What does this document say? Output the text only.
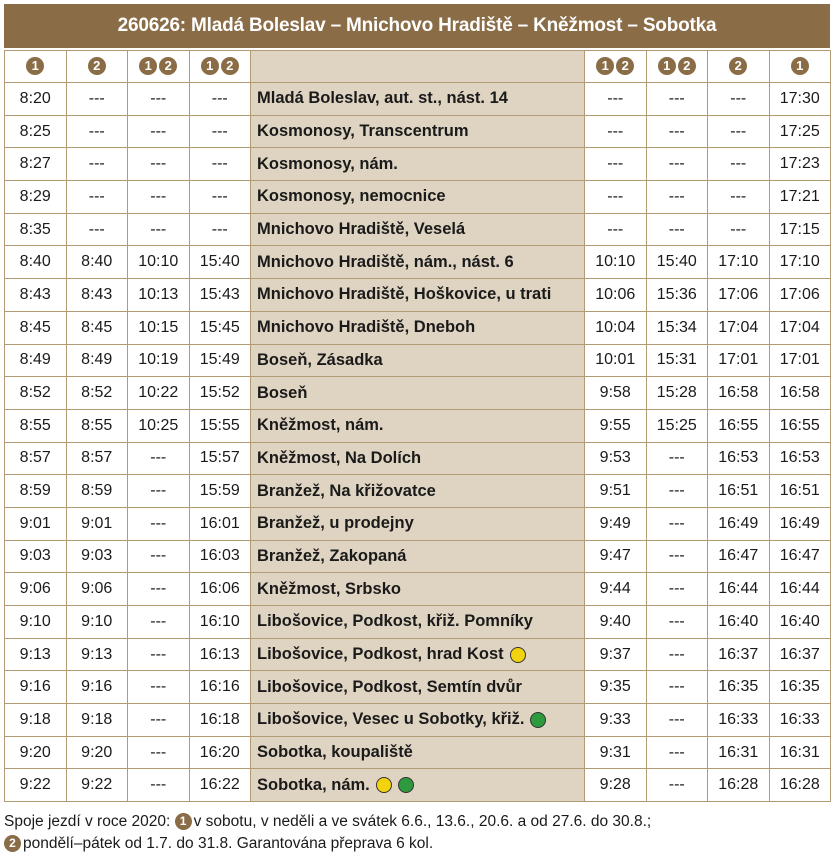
260626: Mladá Boleslav – Mnichovo Hradiště – Kněžmost – Sobotka
1	2	1 2	1 2		1 2	1 2	2	1
8:20	---	---	---	Mladá Boleslav, aut. st., nást. 14	---	---	---	17:30
8:25	---	---	---	Kosmonosy, Transcentrum	---	---	---	17:25
8:27	---	---	---	Kosmonosy, nám.	---	---	---	17:23
8:29	---	---	---	Kosmonosy, nemocnice	---	---	---	17:21
8:35	---	---	---	Mnichovo Hradiště, Veselá	---	---	---	17:15
8:40	8:40	10:10	15:40	Mnichovo Hradiště, nám., nást. 6	10:10	15:40	17:10	17:10
8:43	8:43	10:13	15:43	Mnichovo Hradiště, Hoškovice, u trati	10:06	15:36	17:06	17:06
8:45	8:45	10:15	15:45	Mnichovo Hradiště, Dneboh	10:04	15:34	17:04	17:04
8:49	8:49	10:19	15:49	Boseň, Zásadka	10:01	15:31	17:01	17:01
8:52	8:52	10:22	15:52	Boseň	9:58	15:28	16:58	16:58
8:55	8:55	10:25	15:55	Kněžmost, nám.	9:55	15:25	16:55	16:55
8:57	8:57	---	15:57	Kněžmost, Na Dolích	9:53	---	16:53	16:53
8:59	8:59	---	15:59	Branžež, Na křižovatce	9:51	---	16:51	16:51
9:01	9:01	---	16:01	Branžež, u prodejny	9:49	---	16:49	16:49
9:03	9:03	---	16:03	Branžež, Zakopaná	9:47	---	16:47	16:47
9:06	9:06	---	16:06	Kněžmost, Srbsko	9:44	---	16:44	16:44
9:10	9:10	---	16:10	Libošovice, Podkost, křiž. Pomníky	9:40	---	16:40	16:40
9:13	9:13	---	16:13	Libošovice, Podkost, hrad Kost	9:37	---	16:37	16:37
9:16	9:16	---	16:16	Libošovice, Podkost, Semtín dvůr	9:35	---	16:35	16:35
9:18	9:18	---	16:18	Libošovice, Vesec u Sobotky, křiž.	9:33	---	16:33	16:33
9:20	9:20	---	16:20	Sobotka, koupaliště	9:31	---	16:31	16:31
9:22	9:22	---	16:22	Sobotka, nám.	9:28	---	16:28	16:28
Spoje jezdí v roce 2020: 1 v sobotu, v neděli a ve svátek 6.6., 13.6., 20.6. a od 27.6. do 30.8.;
2 pondělí–pátek od 1.7. do 31.8. Garantována přeprava 6 kol.
